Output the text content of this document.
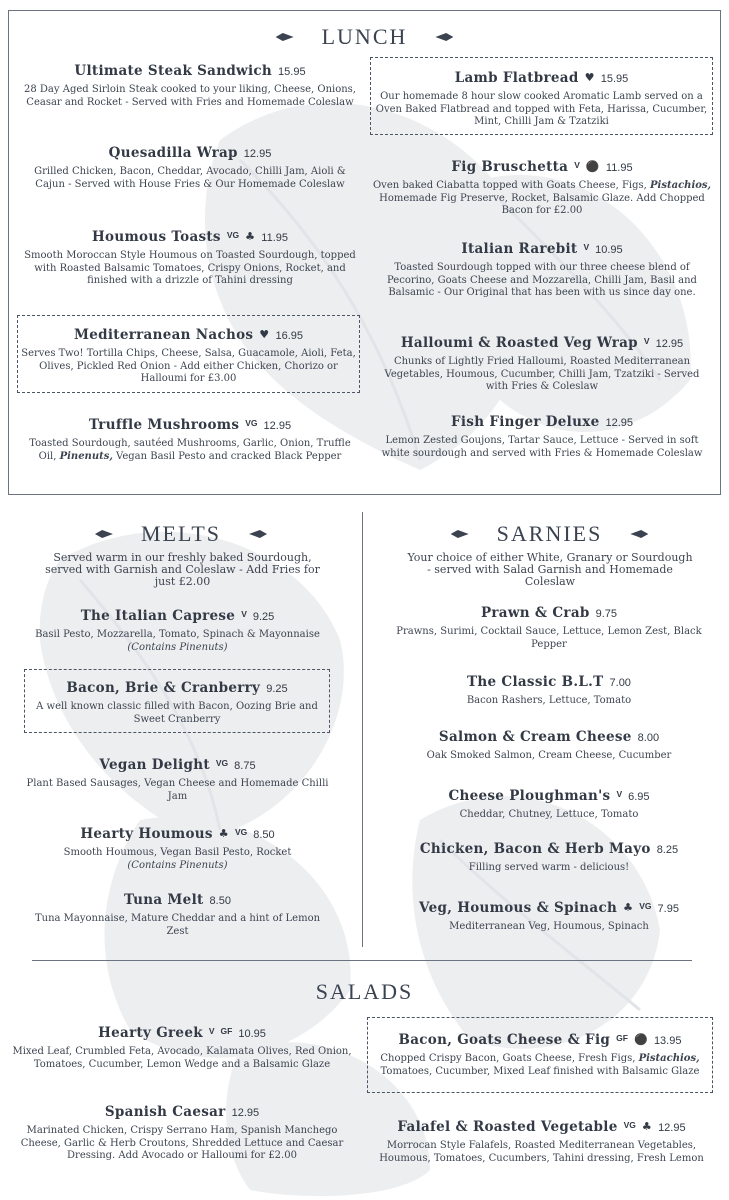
LUNCH
Ultimate Steak Sandwich 15.95
28 Day Aged Sirloin Steak cooked to your liking, Cheese, Onions, Ceasar and Rocket - Served with Fries and Homemade Coleslaw
Quesadilla Wrap 12.95
Grilled Chicken, Bacon, Cheddar, Avocado, Chilli Jam, Aioli & Cajun - Served with House Fries & Our Homemade Coleslaw
Houmous Toasts $^{VG}$ ♣ 11.95
Smooth Moroccan Style Houmous on Toasted Sourdough, topped with Roasted Balsamic Tomatoes, Crispy Onions, Rocket, and finished with a drizzle of Tahini dressing
Mediterranean Nachos ♥ 16.95
Serves Two! Tortilla Chips, Cheese, Salsa, Guacamole, Aioli, Feta, Olives, Pickled Red Onion - Add either Chicken, Chorizo or Halloumi for £3.00
Truffle Mushrooms $^{VG}$ 12.95
Toasted Sourdough, sautéed Mushrooms, Garlic, Onion, Truffle Oil, Pinenuts, Vegan Basil Pesto and cracked Black Pepper
Lamb Flatbread ♥ 15.95
Our homemade 8 hour slow cooked Aromatic Lamb served on a Oven Baked Flatbread and topped with Feta, Harissa, Cucumber, Mint, Chilli Jam & Tzatziki
Fig Bruschetta $^V$ ⚫ 11.95
Oven baked Ciabatta topped with Goats Cheese, Figs, Pistachios, Homemade Fig Preserve, Rocket, Balsamic Glaze. Add Chopped Bacon for £2.00
Italian Rarebit $^V$ 10.95
Toasted Sourdough topped with our three cheese blend of Pecorino, Goats Cheese and Mozzarella, Chilli Jam, Basil and Balsamic - Our Original that has been with us since day one.
Halloumi & Roasted Veg Wrap $^V$ 12.95
Chunks of Lightly Fried Halloumi, Roasted Mediterranean Vegetables, Houmous, Cucumber, Chilli Jam, Tzatziki - Served with Fries & Coleslaw
Fish Finger Deluxe 12.95
Lemon Zested Goujons, Tartar Sauce, Lettuce - Served in soft white sourdough and served with Fries & Homemade Coleslaw
MELTS
Served warm in our freshly baked Sourdough, served with Garnish and Coleslaw - Add Fries for just £2.00
The Italian Caprese $^V$ 9.25
Basil Pesto, Mozzarella, Tomato, Spinach & Mayonnaise (Contains Pinenuts)
Bacon, Brie & Cranberry 9.25
A well known classic filled with Bacon, Oozing Brie and Sweet Cranberry
Vegan Delight $^{VG}$ 8.75
Plant Based Sausages, Vegan Cheese and Homemade Chilli Jam
Hearty Houmous ♣ $^{VG}$ 8.50
Smooth Houmous, Vegan Basil Pesto, Rocket
(Contains Pinenuts)
Tuna Melt 8.50
Tuna Mayonnaise, Mature Cheddar and a hint of Lemon Zest
SARNIES
Your choice of either White, Granary or Sourdough - served with Salad Garnish and Homemade Coleslaw
Prawn & Crab 9.75
Prawns, Surimi, Cocktail Sauce, Lettuce, Lemon Zest, Black Pepper
The Classic B.L.T 7.00
Bacon Rashers, Lettuce, Tomato
Salmon & Cream Cheese 8.00
Oak Smoked Salmon, Cream Cheese, Cucumber
Cheese Ploughman's $^V$ 6.95
Cheddar, Chutney, Lettuce, Tomato
Chicken, Bacon & Herb Mayo 8.25
Filling served warm - delicious!
Veg, Houmous & Spinach ♣ $^{VG}$ 7.95
Mediterranean Veg, Houmous, Spinach
SALADS
Hearty Greek $^V$ $^{GF}$ 10.95
Mixed Leaf, Crumbled Feta, Avocado, Kalamata Olives, Red Onion, Tomatoes, Cucumber, Lemon Wedge and a Balsamic Glaze
Bacon, Goats Cheese & Fig $^{GF}$ ⚫ 13.95
Chopped Crispy Bacon, Goats Cheese, Fresh Figs, Pistachios, Tomatoes, Cucumber, Mixed Leaf finished with Balsamic Glaze
Spanish Caesar 12.95
Marinated Chicken, Crispy Serrano Ham, Spanish Manchego Cheese, Garlic & Herb Croutons, Shredded Lettuce and Caesar Dressing. Add Avocado or Halloumi for £2.00
Falafel & Roasted Vegetable $^{VG}$ ♣ 12.95
Morrocan Style Falafels, Roasted Mediterranean Vegetables, Houmous, Tomatoes, Cucumbers, Tahini dressing, Fresh Lemon
